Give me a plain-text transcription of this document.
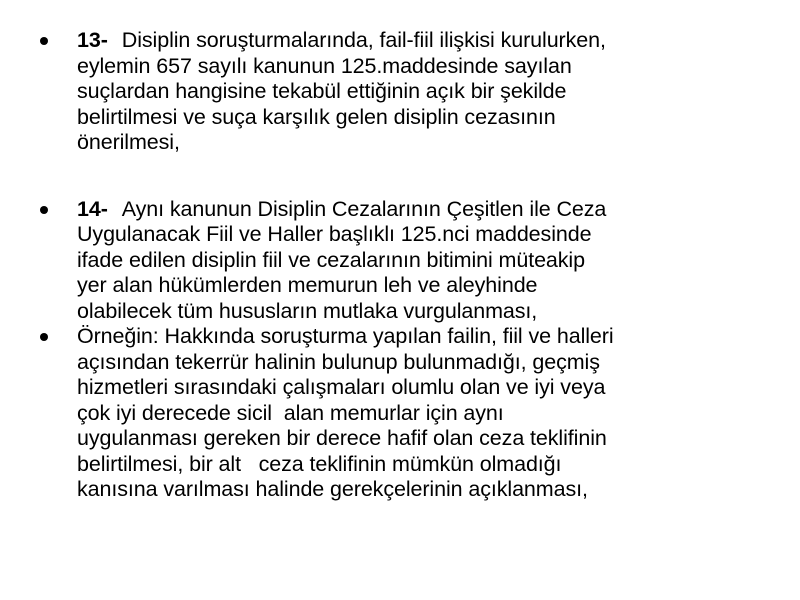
13- Disiplin soruşturmalarında, fail-fiil ilişkisi kurulurken,
eylemin 657 sayılı kanunun 125.maddesinde sayılan
suçlardan hangisine tekabül ettiğinin açık bir şekilde
belirtilmesi ve suça karşılık gelen disiplin cezasının
önerilmesi,
14- Aynı kanunun Disiplin Cezalarının Çeşitlen ile Ceza
Uygulanacak Fiil ve Haller başlıklı 125.nci maddesinde
ifade edilen disiplin fiil ve cezalarının bitimini müteakip
yer alan hükümlerden memurun leh ve aleyhinde
olabilecek tüm hususların mutlaka vurgulanması,
Örneğin: Hakkında soruşturma yapılan failin, fiil ve halleri
açısından tekerrür halinin bulunup bulunmadığı, geçmiş
hizmetleri sırasındaki çalışmaları olumlu olan ve iyi veya
çok iyi derecede sicil  alan memurlar için aynı
uygulanması gereken bir derece hafif olan ceza teklifinin
belirtilmesi, bir alt   ceza teklifinin mümkün olmadığı
kanısına varılması halinde gerekçelerinin açıklanması,
